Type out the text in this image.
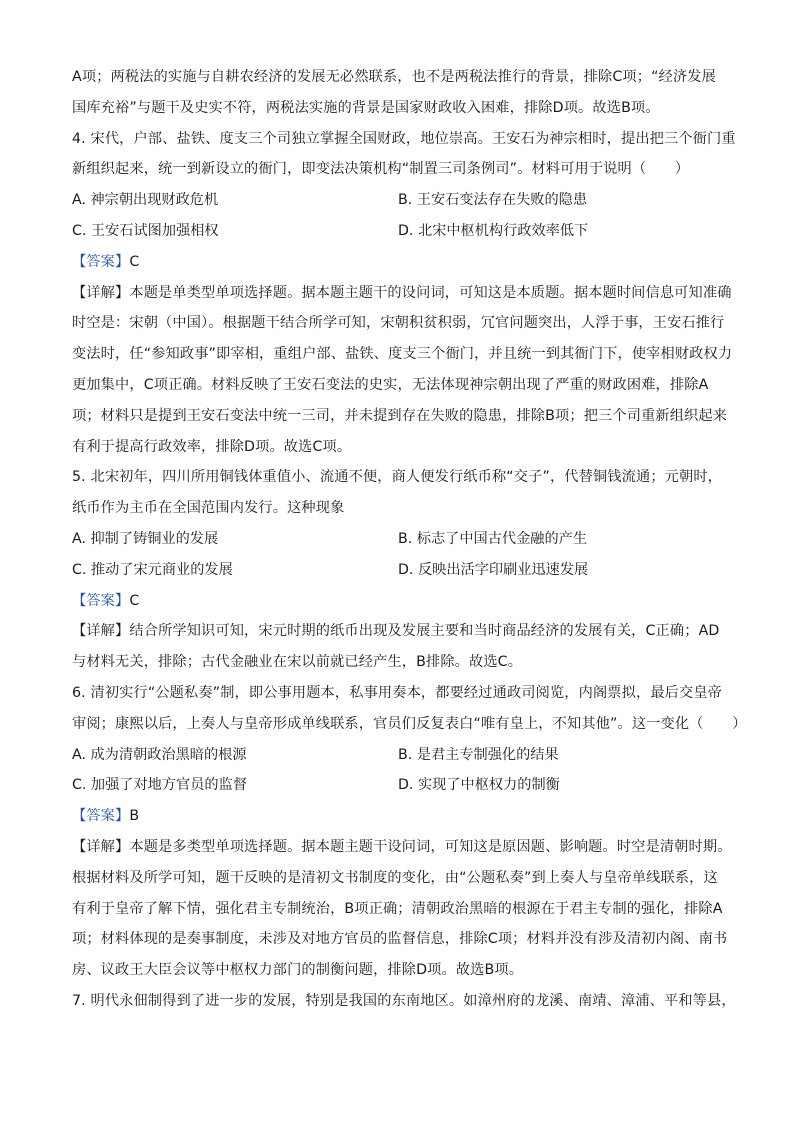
A项；两税法的实施与自耕农经济的发展无必然联系，也不是两税法推行的背景，排除C项；“经济发展
国库充裕”与题干及史实不符，两税法实施的背景是国家财政收入困难，排除D项。故选B项。
4. 宋代，户部、盐铁、度支三个司独立掌握全国财政，地位崇高。王安石为神宗相时，提出把三个衙门重
新组织起来，统一到新设立的衙门，即变法决策机构“制置三司条例司”。材料可用于说明（　　）
A. 神宗朝出现财政危机	B. 王安石变法存在失败的隐患
C. 王安石试图加强相权	D. 北宋中枢机构行政效率低下
【答案】C
【详解】本题是单类型单项选择题。据本题主题干的设问词，可知这是本质题。据本题时间信息可知准确
时空是：宋朝（中国）。根据题干结合所学可知，宋朝积贫积弱，冗官问题突出，人浮于事，王安石推行
变法时，任“参知政事”即宰相，重组户部、盐铁、度支三个衙门，并且统一到其衙门下，使宰相财政权力
更加集中，C项正确。材料反映了王安石变法的史实，无法体现神宗朝出现了严重的财政困难，排除A
项；材料只是提到王安石变法中统一三司，并未提到存在失败的隐患，排除B项；把三个司重新组织起来
有利于提高行政效率，排除D项。故选C项。
5. 北宋初年，四川所用铜钱体重值小、流通不便，商人便发行纸币称“交子”，代替铜钱流通；元朝时，
纸币作为主币在全国范围内发行。这种现象
A. 抑制了铸铜业的发展	B. 标志了中国古代金融的产生
C. 推动了宋元商业的发展	D. 反映出活字印刷业迅速发展
【答案】C
【详解】结合所学知识可知，宋元时期的纸币出现及发展主要和当时商品经济的发展有关，C正确；AD
与材料无关，排除；古代金融业在宋以前就已经产生，B排除。故选C。
6. 清初实行“公题私奏”制，即公事用题本，私事用奏本，都要经过通政司阅览，内阁票拟，最后交皇帝
审阅；康熙以后，上奏人与皇帝形成单线联系，官员们反复表白“唯有皇上，不知其他”。这一变化（　　）
A. 成为清朝政治黑暗的根源	B. 是君主专制强化的结果
C. 加强了对地方官员的监督	D. 实现了中枢权力的制衡
【答案】B
【详解】本题是多类型单项选择题。据本题主题干设问词，可知这是原因题、影响题。时空是清朝时期。
根据材料及所学可知，题干反映的是清初文书制度的变化，由“公题私奏”到上奏人与皇帝单线联系，这
有利于皇帝了解下情，强化君主专制统治，B项正确；清朝政治黑暗的根源在于君主专制的强化，排除A
项；材料体现的是奏事制度，未涉及对地方官员的监督信息，排除C项；材料并没有涉及清初内阁、南书
房、议政王大臣会议等中枢权力部门的制衡问题，排除D项。故选B项。
7. 明代永佃制得到了进一步的发展，特别是我国的东南地区。如漳州府的龙溪、南靖、漳浦、平和等县，
